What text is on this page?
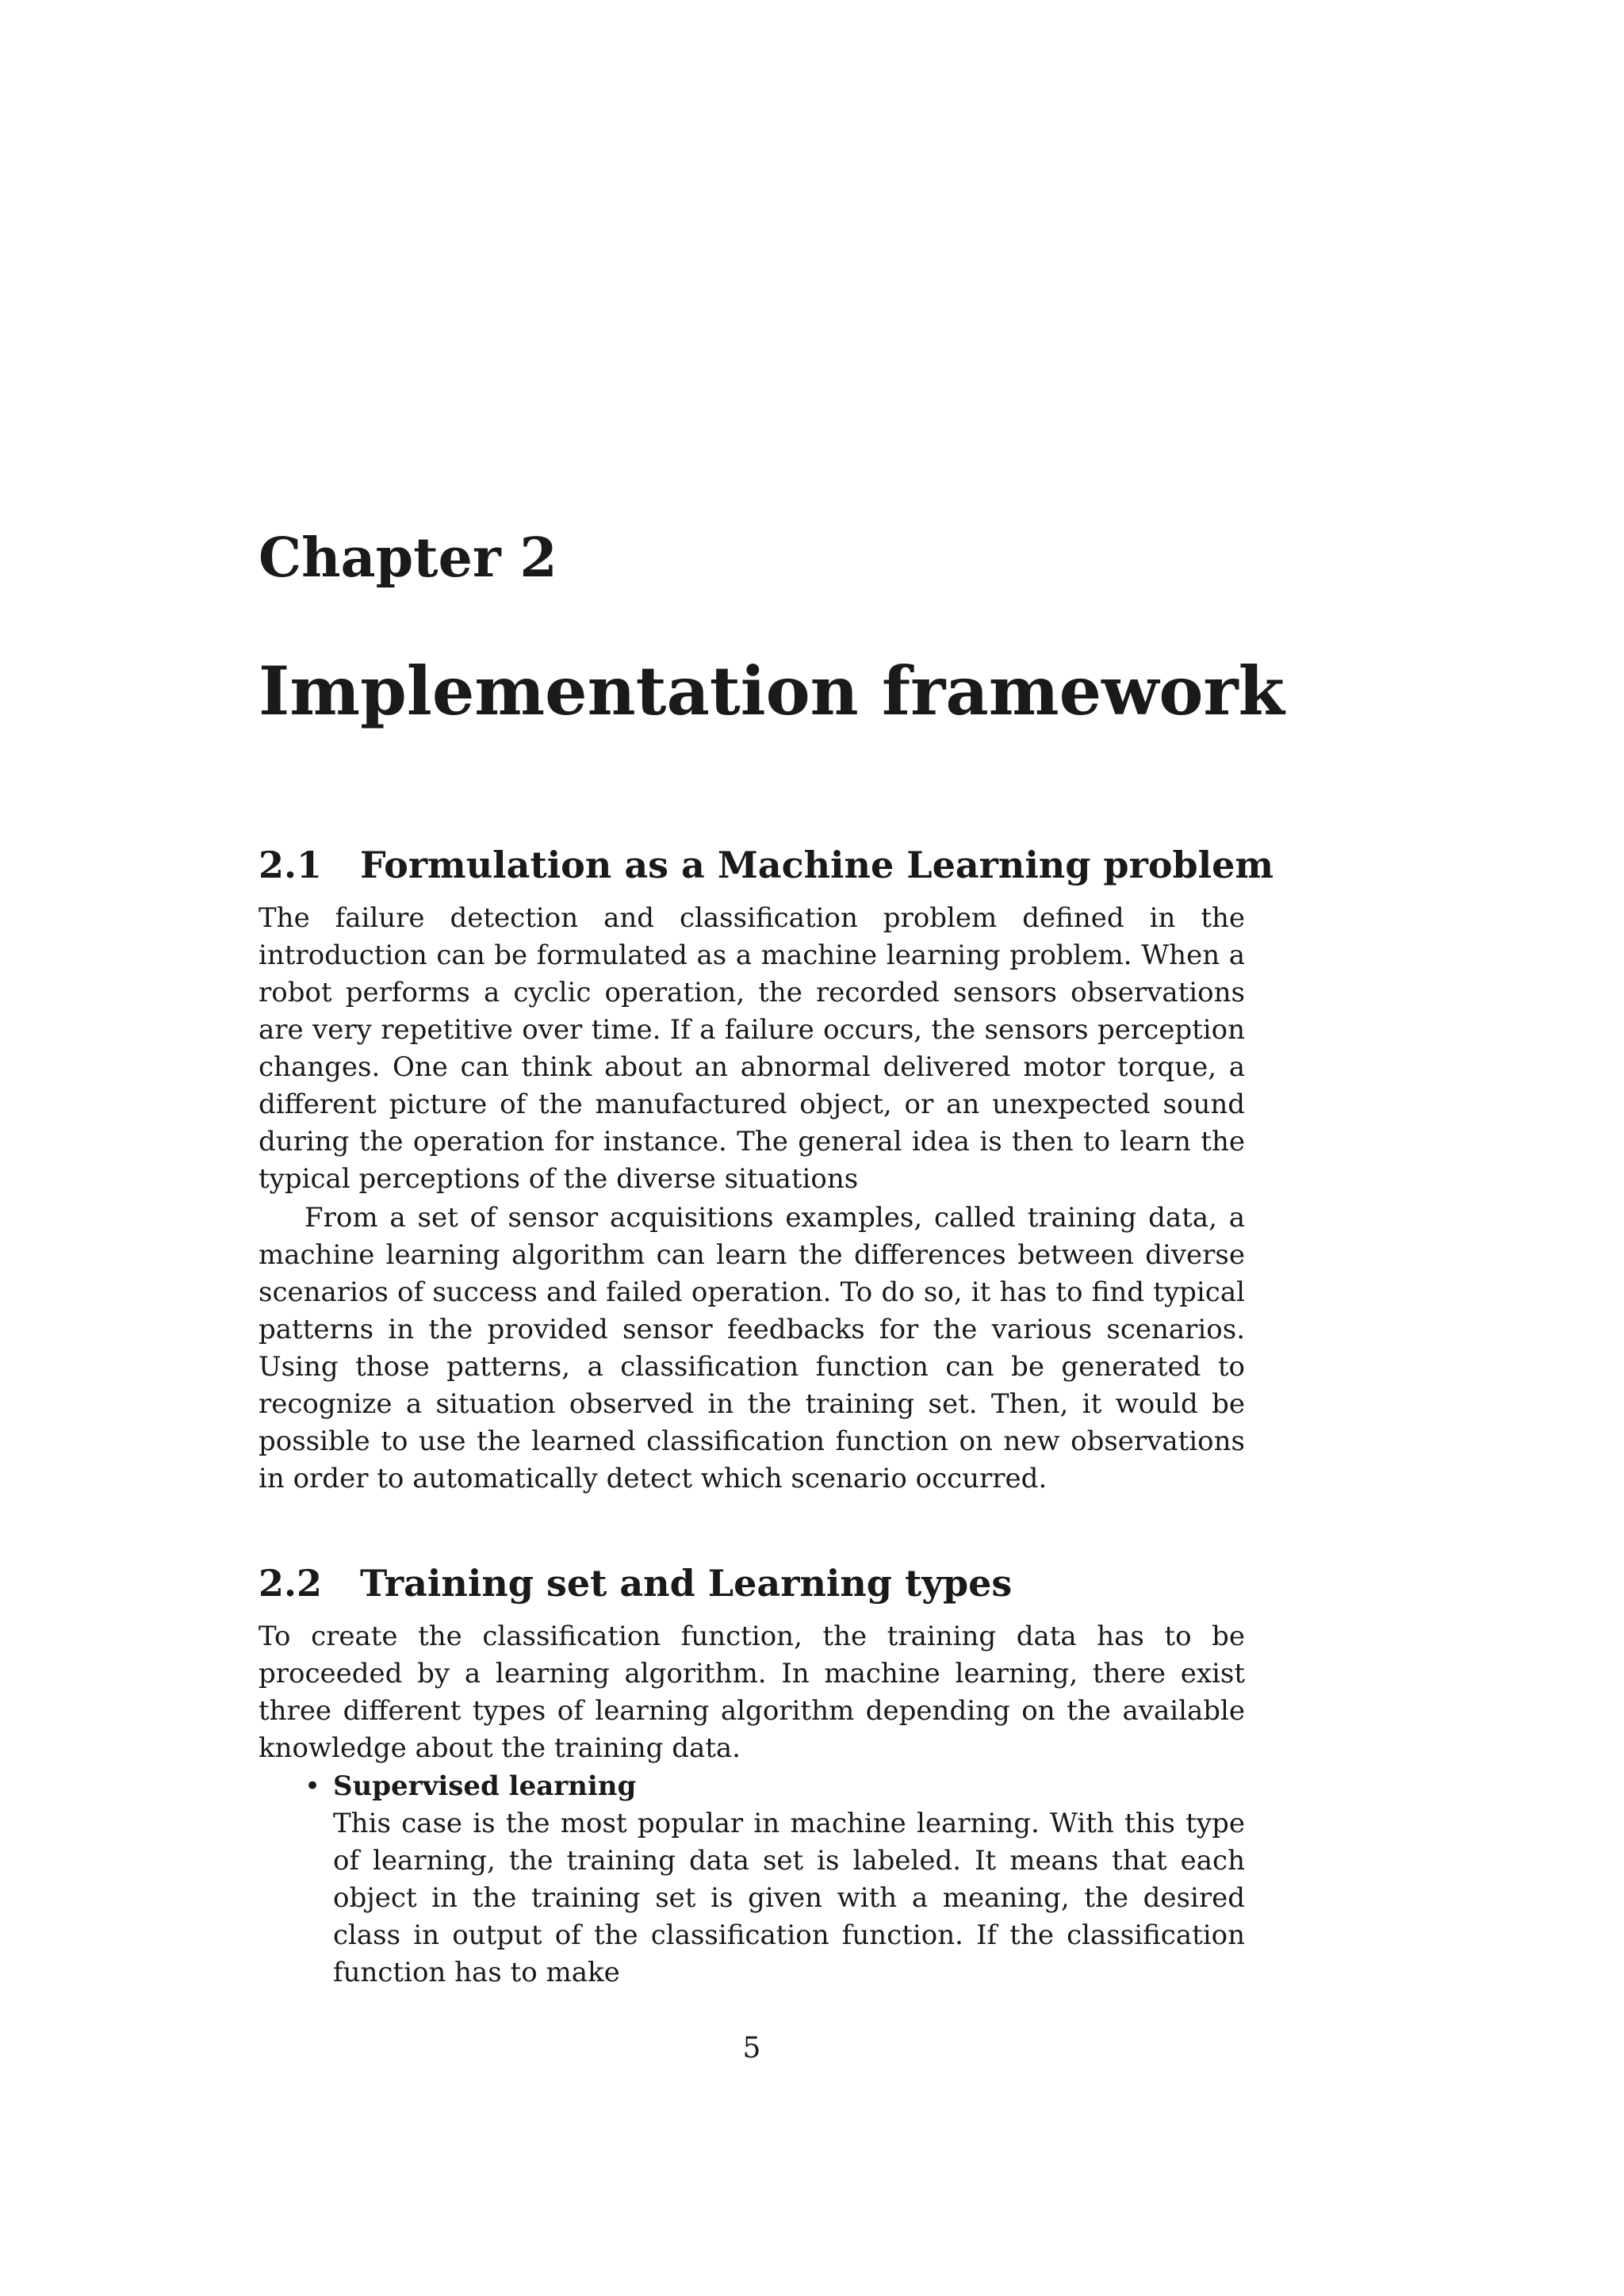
Chapter 2
Implementation framework
2.1 Formulation as a Machine Learning problem

The failure detection and classification problem defined in the introduction can be formulated as a machine learning problem. When a robot performs a cyclic operation, the recorded sensors observations are very repetitive over time. If a failure occurs, the sensors perception changes. One can think about an abnormal delivered motor torque, a different picture of the manufactured object, or an unexpected sound during the operation for instance. The general idea is then to learn the typical perceptions of the diverse situations

From a set of sensor acquisitions examples, called training data, a machine learning algorithm can learn the differences between diverse scenarios of success and failed operation. To do so, it has to find typical patterns in the provided sensor feedbacks for the various scenarios. Using those patterns, a classification function can be generated to recognize a situation observed in the training set. Then, it would be possible to use the learned classification function on new observations in order to automatically detect which scenario occurred.

2.2 Training set and Learning types

To create the classification function, the training data has to be proceeded by a learning algorithm. In machine learning, there exist three different types of learning algorithm depending on the available knowledge about the training data.

• Supervised learning
This case is the most popular in machine learning. With this type of learning, the training data set is labeled. It means that each object in the training set is given with a meaning, the desired class in output of the classification function. If the classification function has to make
5
